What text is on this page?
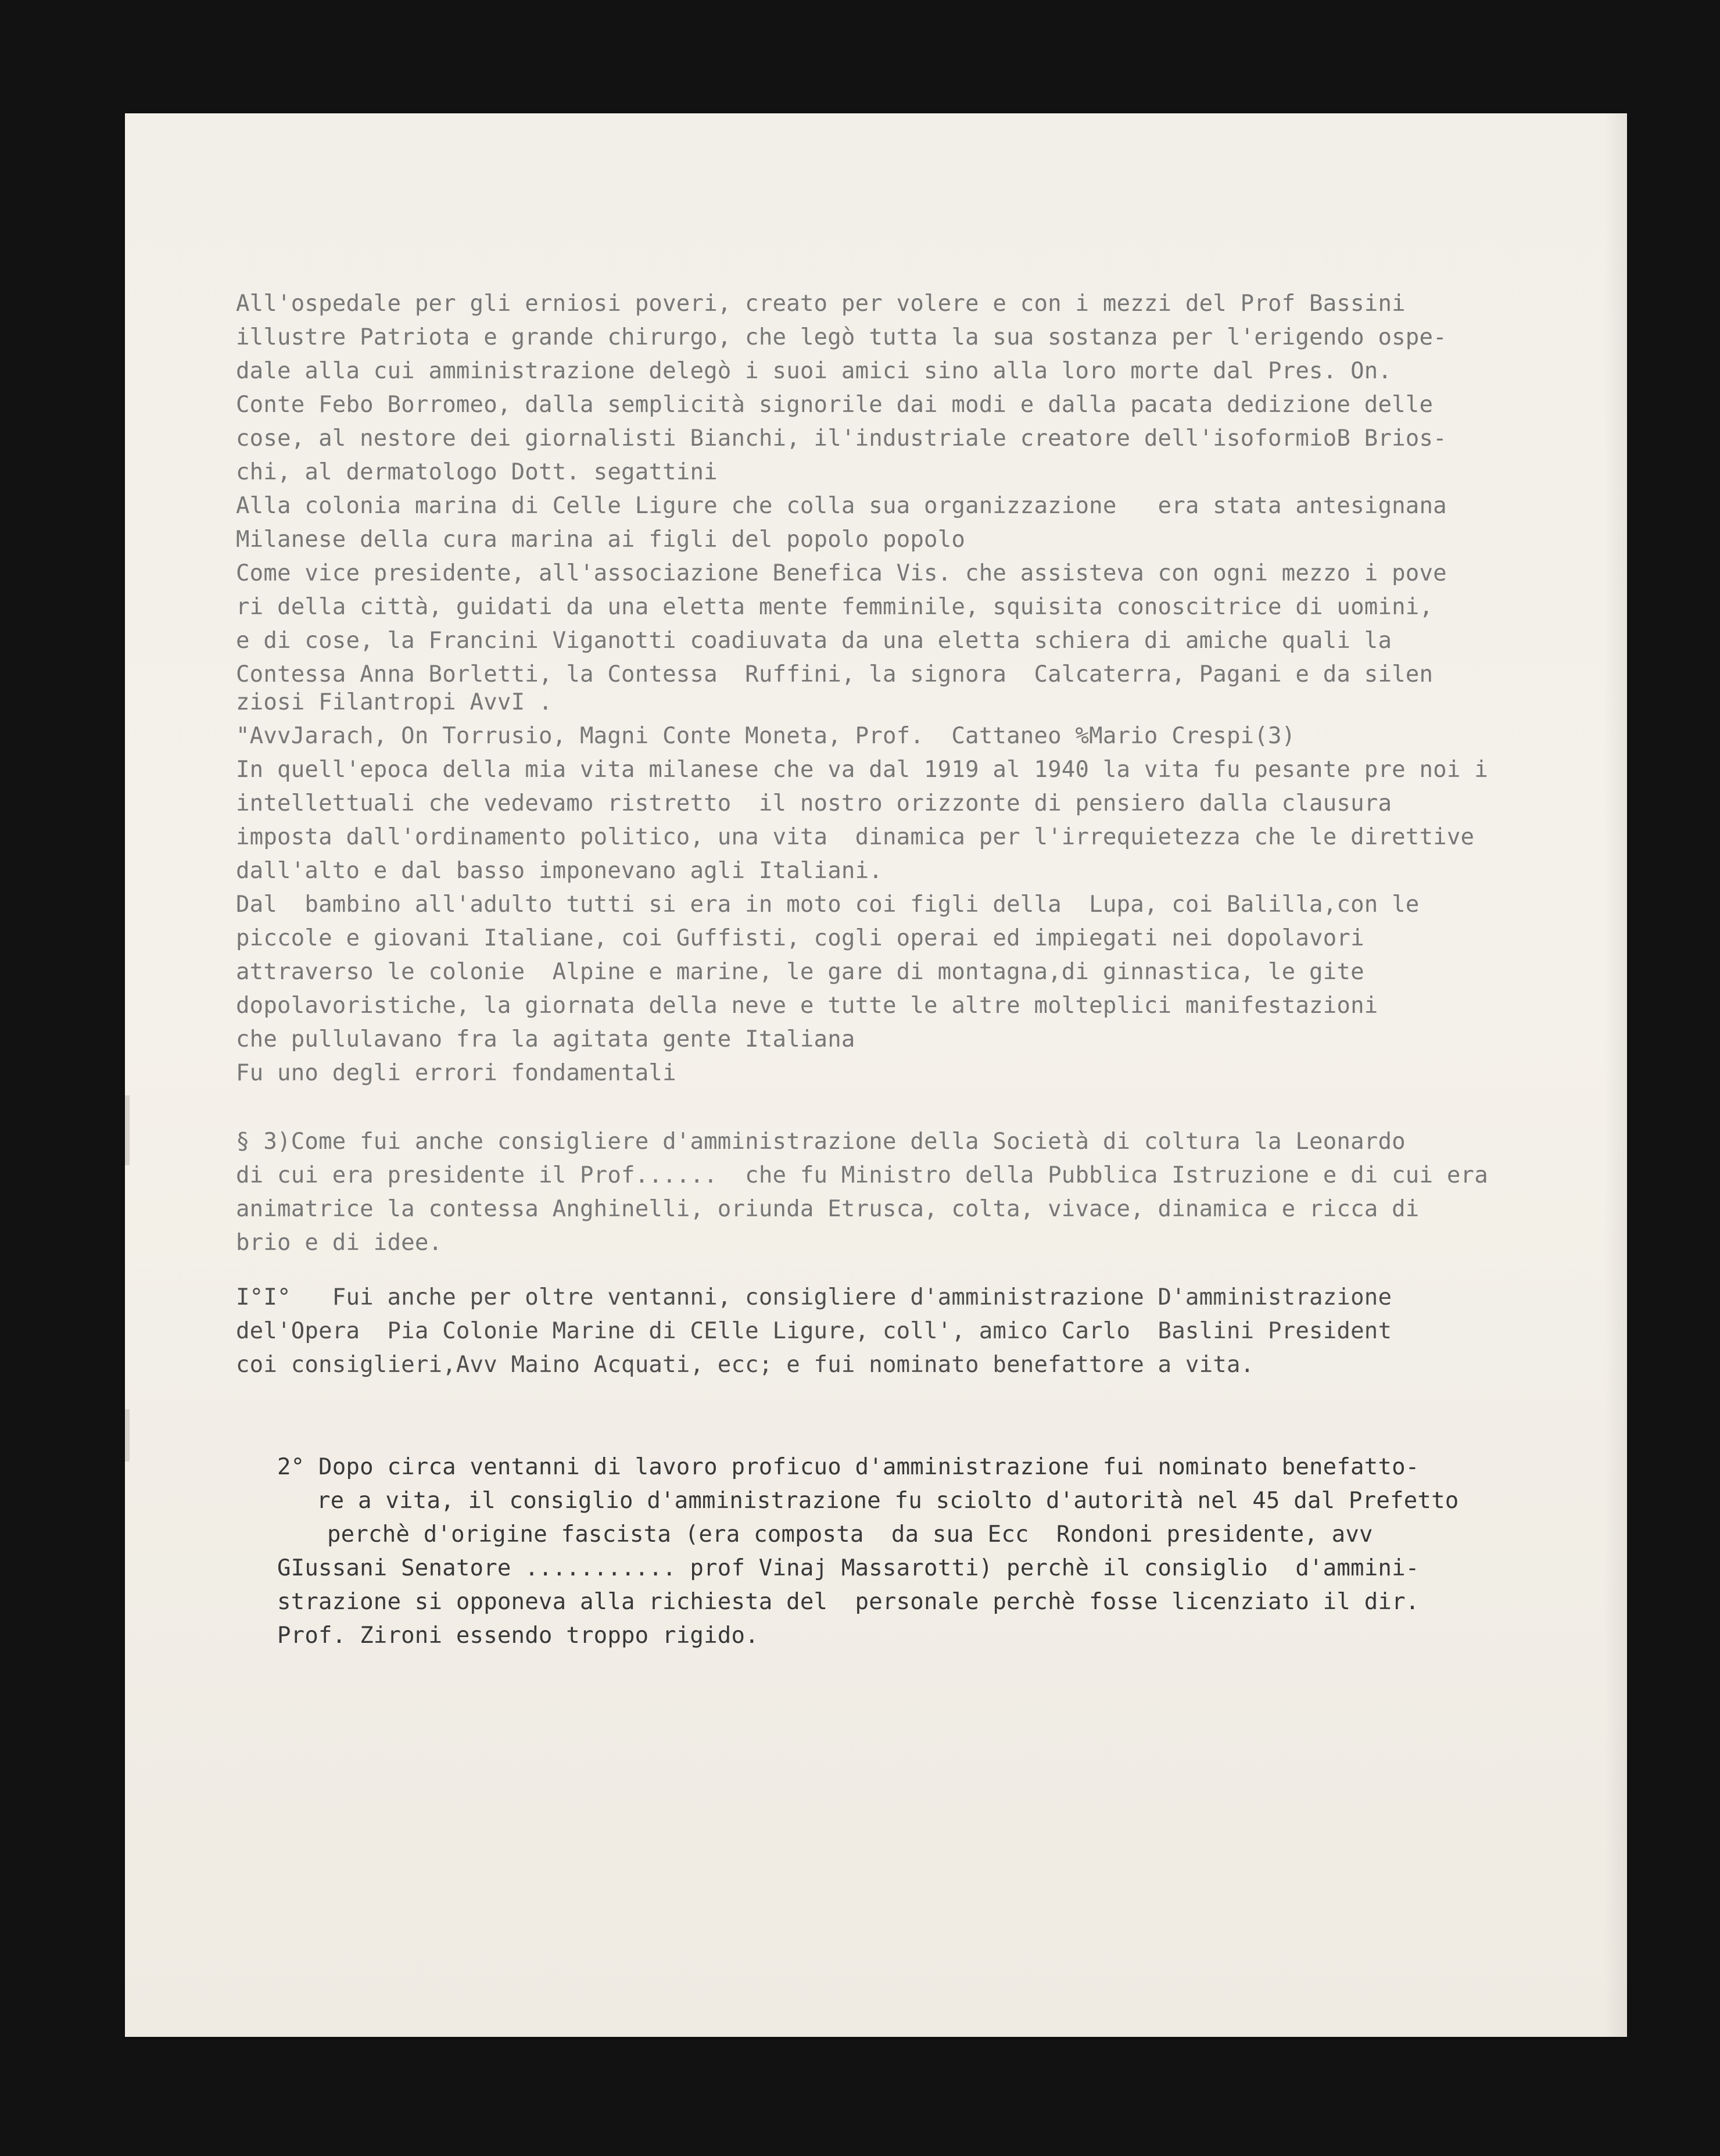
All'ospedale per gli erniosi poveri, creato per volere e con i mezzi del Prof Bassini
illustre Patriota e grande chirurgo, che legò tutta la sua sostanza per l'erigendo ospe-
dale alla cui amministrazione delegò i suoi amici sino alla loro morte dal Pres. On.
Conte Febo Borromeo, dalla semplicità signorile dai modi e dalla pacata dedizione delle
cose, al nestore dei giornalisti Bianchi, il'industriale creatore dell'isoformioB Brios-
chi, al dermatologo Dott. segattini
Alla colonia marina di Celle Ligure che colla sua organizzazione   era stata antesignana
Milanese della cura marina ai figli del popolo popolo
Come vice presidente, all'associazione Benefica Vis. che assisteva con ogni mezzo i pove
ri della città, guidati da una eletta mente femminile, squisita conoscitrice di uomini,
e di cose, la Francini Viganotti coadiuvata da una eletta schiera di amiche quali la
Contessa Anna Borletti, la Contessa  Ruffini, la signora  Calcaterra, Pagani e da silen
ziosi Filantropi AvvI .
"AvvJarach, On Torrusio, Magni Conte Moneta, Prof.  Cattaneo %Mario Crespi(3)
In quell'epoca della mia vita milanese che va dal 1919 al 1940 la vita fu pesante pre noi i
intellettuali che vedevamo ristretto  il nostro orizzonte di pensiero dalla clausura
imposta dall'ordinamento politico, una vita  dinamica per l'irrequietezza che le direttive
dall'alto e dal basso imponevano agli Italiani.
Dal  bambino all'adulto tutti si era in moto coi figli della  Lupa, coi Balilla,con le
piccole e giovani Italiane, coi Guffisti, cogli operai ed impiegati nei dopolavori
attraverso le colonie  Alpine e marine, le gare di montagna,di ginnastica, le gite
dopolavoristiche, la giornata della neve e tutte le altre molteplici manifestazioni
che pullulavano fra la agitata gente Italiana
Fu uno degli errori fondamentali
§ 3)Come fui anche consigliere d'amministrazione della Società di coltura la Leonardo
di cui era presidente il Prof......  che fu Ministro della Pubblica Istruzione e di cui era
animatrice la contessa Anghinelli, oriunda Etrusca, colta, vivace, dinamica e ricca di
brio e di idee.
I°I°   Fui anche per oltre ventanni, consigliere d'amministrazione D'amministrazione
del'Opera  Pia Colonie Marine di CElle Ligure, coll', amico Carlo  Baslini President
coi consiglieri,Avv Maino Acquati, ecc; e fui nominato benefattore a vita.
2° Dopo circa ventanni di lavoro proficuo d'amministrazione fui nominato benefatto-
re a vita, il consiglio d'amministrazione fu sciolto d'autorità nel 45 dal Prefetto
perchè d'origine fascista (era composta  da sua Ecc  Rondoni presidente, avv
GIussani Senatore ........... prof Vinaj Massarotti) perchè il consiglio  d'ammini-
strazione si opponeva alla richiesta del  personale perchè fosse licenziato il dir.
Prof. Zironi essendo troppo rigido.
